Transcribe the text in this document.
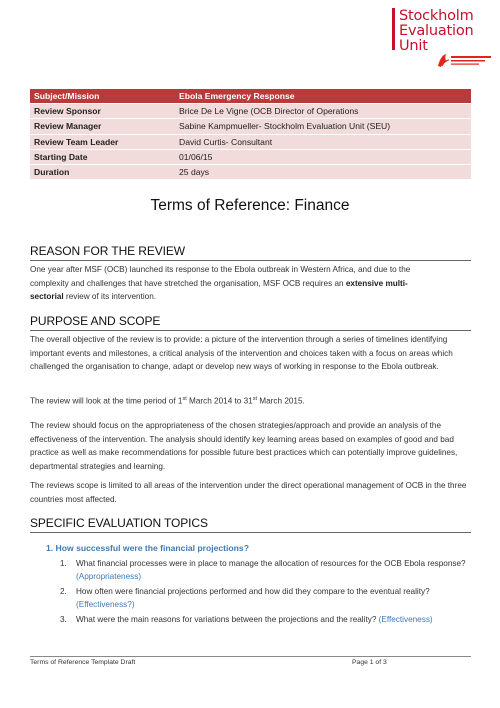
Stockholm
Evaluation
Unit
Subject/Mission	Ebola Emergency Response
Review Sponsor	Brice De Le Vigne (OCB Director of Operations
Review Manager	Sabine Kampmueller- Stockholm Evaluation Unit (SEU)
Review Team Leader	David Curtis- Consultant
Starting Date	01/06/15
Duration	25 days
Terms of Reference: Finance
REASON FOR THE REVIEW

One year after MSF (OCB) launched its response to the Ebola outbreak in Western Africa, and due to the
complexity and challenges that have stretched the organisation, MSF OCB requires an extensive multi-
sectorial review of its intervention.

PURPOSE AND SCOPE

The overall objective of the review is to provide: a picture of the intervention through a series of timelines identifying important events and milestones, a critical analysis of the intervention and choices taken with a focus on areas which challenged the organisation to change, adapt or develop new ways of working in response to the Ebola outbreak.

The review will look at the time period of 1st March 2014 to 31st March 2015.

The review should focus on the appropriateness of the chosen strategies/approach and provide an analysis of the effectiveness of the intervention. The analysis should identify key learning areas based on examples of good and bad practice as well as make recommendations for possible future best practices which can potentially improve guidelines, departmental strategies and learning.

The reviews scope is limited to all areas of the intervention under the direct operational management of OCB in the three countries most affected.

SPECIFIC EVALUATION TOPICS
1. How successful were the financial projections?
1. What financial processes were in place to manage the allocation of resources for the OCB Ebola response?
(Appropriateness)
2. How often were financial projections performed and how did they compare to the eventual reality?
(Effectiveness?)
3. What were the main reasons for variations between the projections and the reality? (Effectiveness)
Terms of Reference Template Draft	Page 1 of 3
